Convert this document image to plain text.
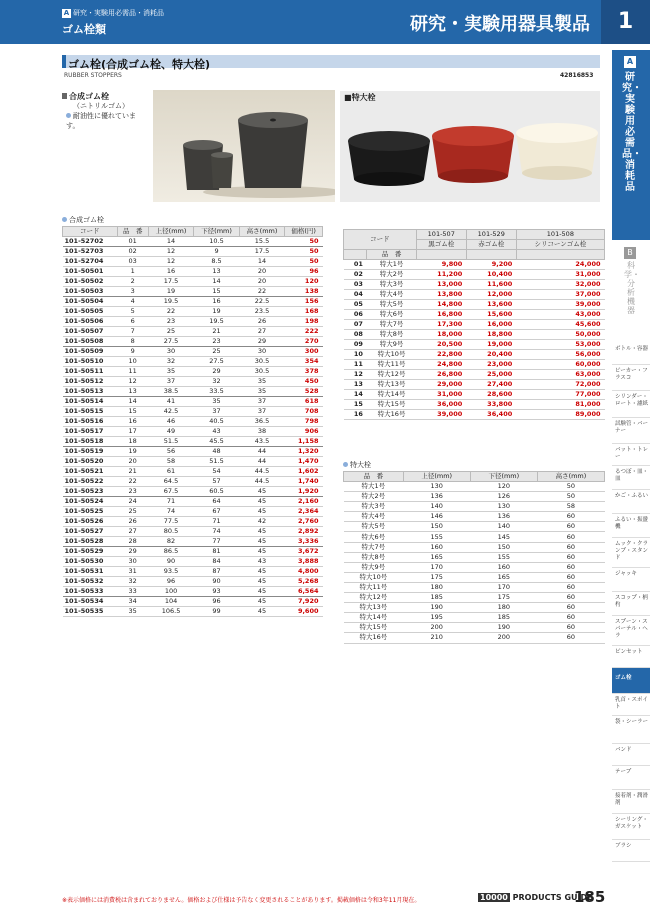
A 研究・実験用必需品・消耗品
ゴム栓類	研究・実験用器具製品	1
ゴム栓(合成ゴム栓、特大栓)
RUBBER STOPPERS	42816853
合成ゴム栓
（ニトリルゴム）
耐油性に優れています。
■特大栓
合成ゴム栓
コード	品　番	上径(mm)	下径(mm)	高さ(mm)	価格(円)
101-52702	01	14	10.5	15.5	50
101-52703	02	12	9	17.5	50
101-52704	03	12	8.5	14	50
101-50501	1	16	13	20	96
101-50502	2	17.5	14	20	120
101-50503	3	19	15	22	138
101-50504	4	19.5	16	22.5	156
101-50505	5	22	19	23.5	168
101-50506	6	23	19.5	26	198
101-50507	7	25	21	27	222
101-50508	8	27.5	23	29	270
101-50509	9	30	25	30	300
101-50510	10	32	27.5	30.5	354
101-50511	11	35	29	30.5	378
101-50512	12	37	32	35	450
101-50513	13	38.5	33.5	35	528
101-50514	14	41	35	37	618
101-50515	15	42.5	37	37	708
101-50516	16	46	40.5	36.5	798
101-50517	17	49	43	38	906
101-50518	18	51.5	45.5	43.5	1,158
101-50519	19	56	48	44	1,320
101-50520	20	58	51.5	44	1,470
101-50521	21	61	54	44.5	1,602
101-50522	22	64.5	57	44.5	1,740
101-50523	23	67.5	60.5	45	1,920
101-50524	24	71	64	45	2,160
101-50525	25	74	67	45	2,364
101-50526	26	77.5	71	42	2,760
101-50527	27	80.5	74	45	2,892
101-50528	28	82	77	45	3,336
101-50529	29	86.5	81	45	3,672
101-50530	30	90	84	43	3,888
101-50531	31	93.5	87	45	4,800
101-50532	32	96	90	45	5,268
101-50533	33	100	93	45	6,564
101-50534	34	104	96	45	7,920
101-50535	35	106.5	99	45	9,600
コード		101-507	101-529	101-508
		黒ゴム栓	赤ゴム栓	シリコーンゴム栓
	品　番			
01	特大1号	9,800	9,200	24,000
02	特大2号	11,200	10,400	31,000
03	特大3号	13,000	11,600	32,000
04	特大4号	13,800	12,000	37,000
05	特大5号	14,800	13,600	39,000
06	特大6号	16,800	15,600	43,000
07	特大7号	17,300	16,000	45,600
08	特大8号	18,000	18,800	50,000
09	特大9号	20,500	19,000	53,000
10	特大10号	22,800	20,400	56,000
11	特大11号	24,800	23,000	60,000
12	特大12号	26,800	25,000	63,000
13	特大13号	29,000	27,400	72,000
14	特大14号	31,000	28,600	77,000
15	特大15号	36,000	33,800	81,000
16	特大16号	39,000	36,400	89,000
特大栓
品　番	上径(mm)	下径(mm)	高さ(mm)
特大1号	130	120	50
特大2号	136	126	50
特大3号	140	130	58
特大4号	146	136	60
特大5号	150	140	60
特大6号	155	145	60
特大7号	160	150	60
特大8号	165	155	60
特大9号	170	160	60
特大10号	175	165	60
特大11号	180	170	60
特大12号	185	175	60
特大13号	190	180	60
特大14号	195	185	60
特大15号	200	190	60
特大16号	210	200	60
A
研究・実験用必需品・消耗品
B
科学・分析機器
ボトル・容器
ビーカー・フラスコ
シリンダー・ロート・濾紙
試験管・バーナー
バット・トレー
るつぼ・皿・皿
かご・ふるい
ふるい・振盪機
ムック・クランプ・スタンド
ジャッキ
スコップ・柄杓
スプーン・スパーテル・ヘラ
ピンセット
ゴム栓
乳首・スポイト
袋・シーラー
バンド
テープ
接着剤・潤滑剤
シーリング・ガスケット
ブラシ
※表示価格には消費税は含まれておりません。価格および仕様は予告なく変更されることがあります。掲載価格は令和3年11月現在。	10000 PRODUCTS GUIDE
185
